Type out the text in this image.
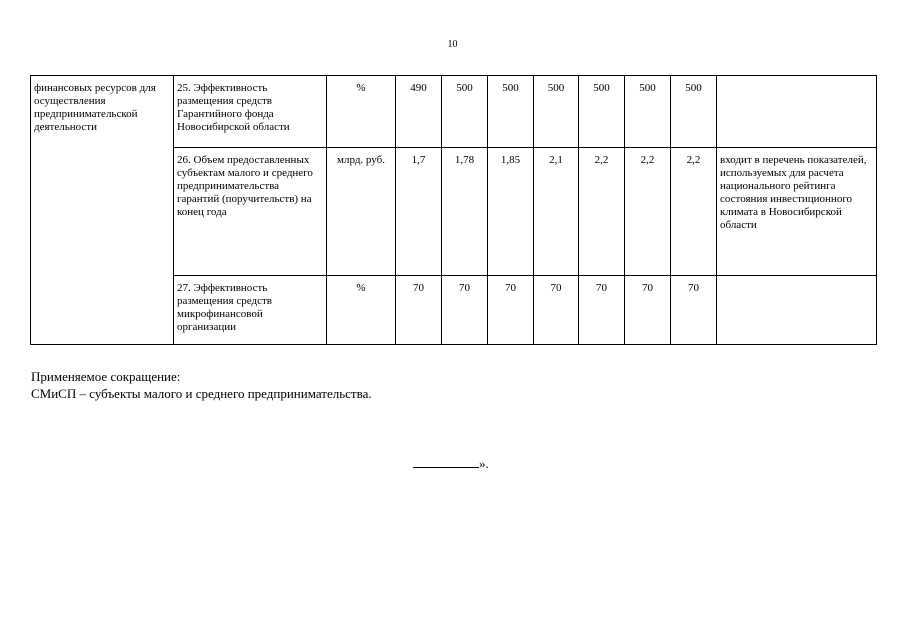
10
финансовых ресурсов для осуществления предпринимательской деятельности	25. Эффективность размещения средств Гарантийного фонда Новосибирской области	%	490	500	500	500	500	500	500	
	26. Объем предоставленных субъектам малого и среднего предпринимательства гарантий (поручительств) на конец года	млрд. руб.	1,7	1,78	1,85	2,1	2,2	2,2	2,2	входит в перечень показателей, используемых для расчета национального рейтинга состояния инвестиционного климата в Новосибирской области
	27. Эффективность размещения средств микрофинансовой организации	%	70	70	70	70	70	70	70	
Применяемое сокращение:
СМиСП – субъекты малого и среднего предпринимательства.
».
